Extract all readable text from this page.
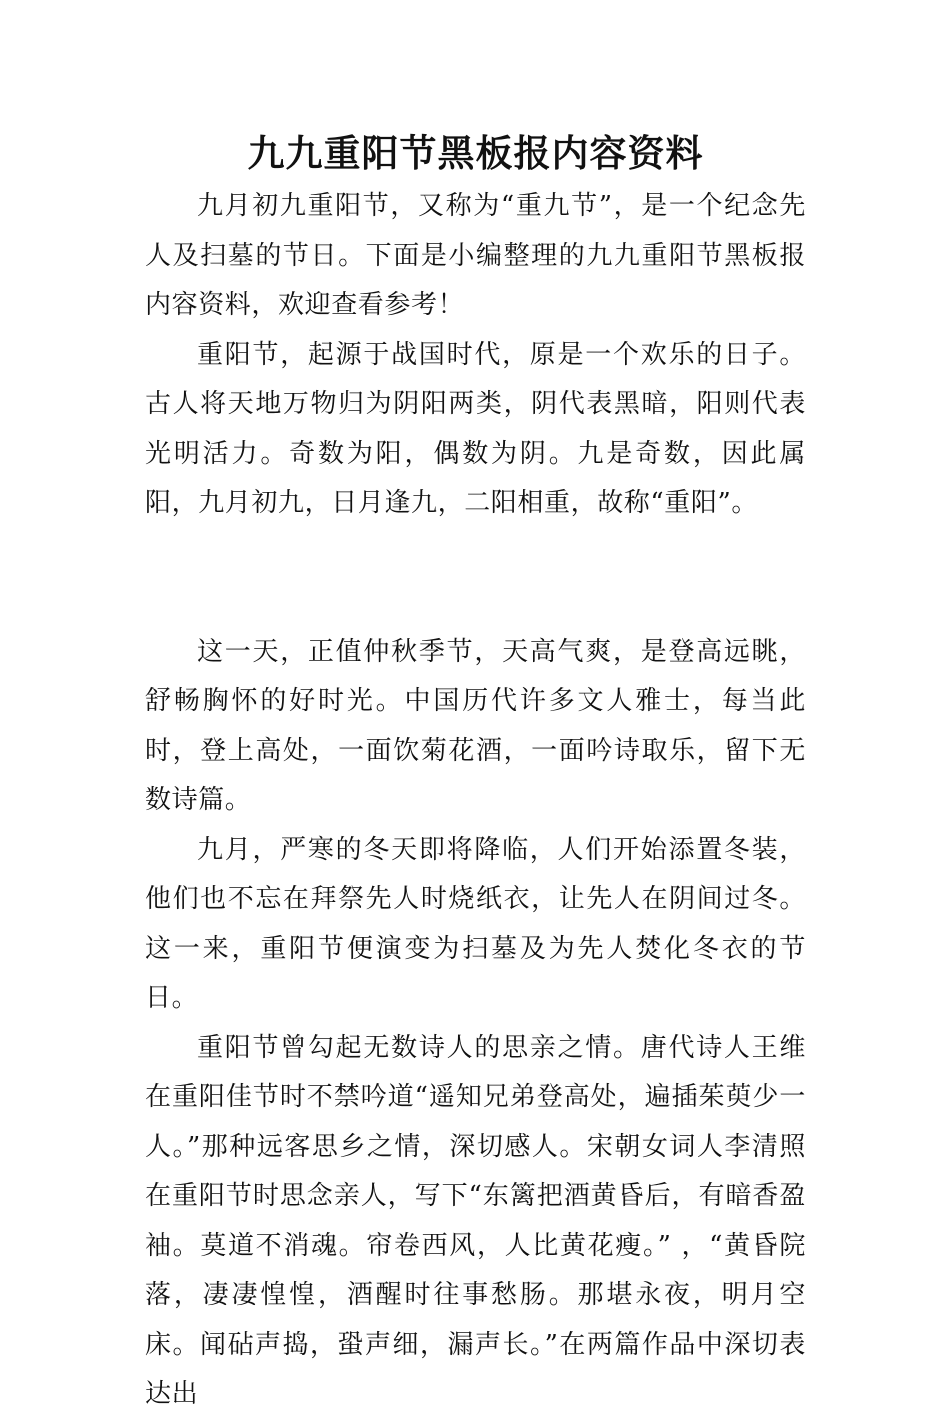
九九重阳节黑板报内容资料

九月初九重阳节，又称为“重九节”，是一个纪念先人及扫墓的节日。下面是小编整理的九九重阳节黑板报内容资料，欢迎查看参考！

重阳节，起源于战国时代，原是一个欢乐的日子。古人将天地万物归为阴阳两类，阴代表黑暗，阳则代表光明活力。奇数为阳，偶数为阴。九是奇数，因此属阳，九月初九，日月逢九，二阳相重，故称“重阳”。

这一天，正值仲秋季节，天高气爽，是登高远眺，舒畅胸怀的好时光。中国历代许多文人雅士，每当此时，登上高处，一面饮菊花酒，一面吟诗取乐，留下无数诗篇。

九月，严寒的冬天即将降临，人们开始添置冬装，他们也不忘在拜祭先人时烧纸衣，让先人在阴间过冬。这一来，重阳节便演变为扫墓及为先人焚化冬衣的节日。

重阳节曾勾起无数诗人的思亲之情。唐代诗人王维在重阳佳节时不禁吟道“遥知兄弟登高处，遍插茱萸少一人。”那种远客思乡之情，深切感人。宋朝女词人李清照在重阳节时思念亲人，写下“东篱把酒黄昏后，有暗香盈袖。莫道不消魂。帘卷西风，人比黄花瘦。” ，“黄昏院落，凄凄惶惶，酒醒时往事愁肠。那堪永夜，明月空床。闻砧声捣，蛩声细，漏声长。”在两篇作品中深切表达出
